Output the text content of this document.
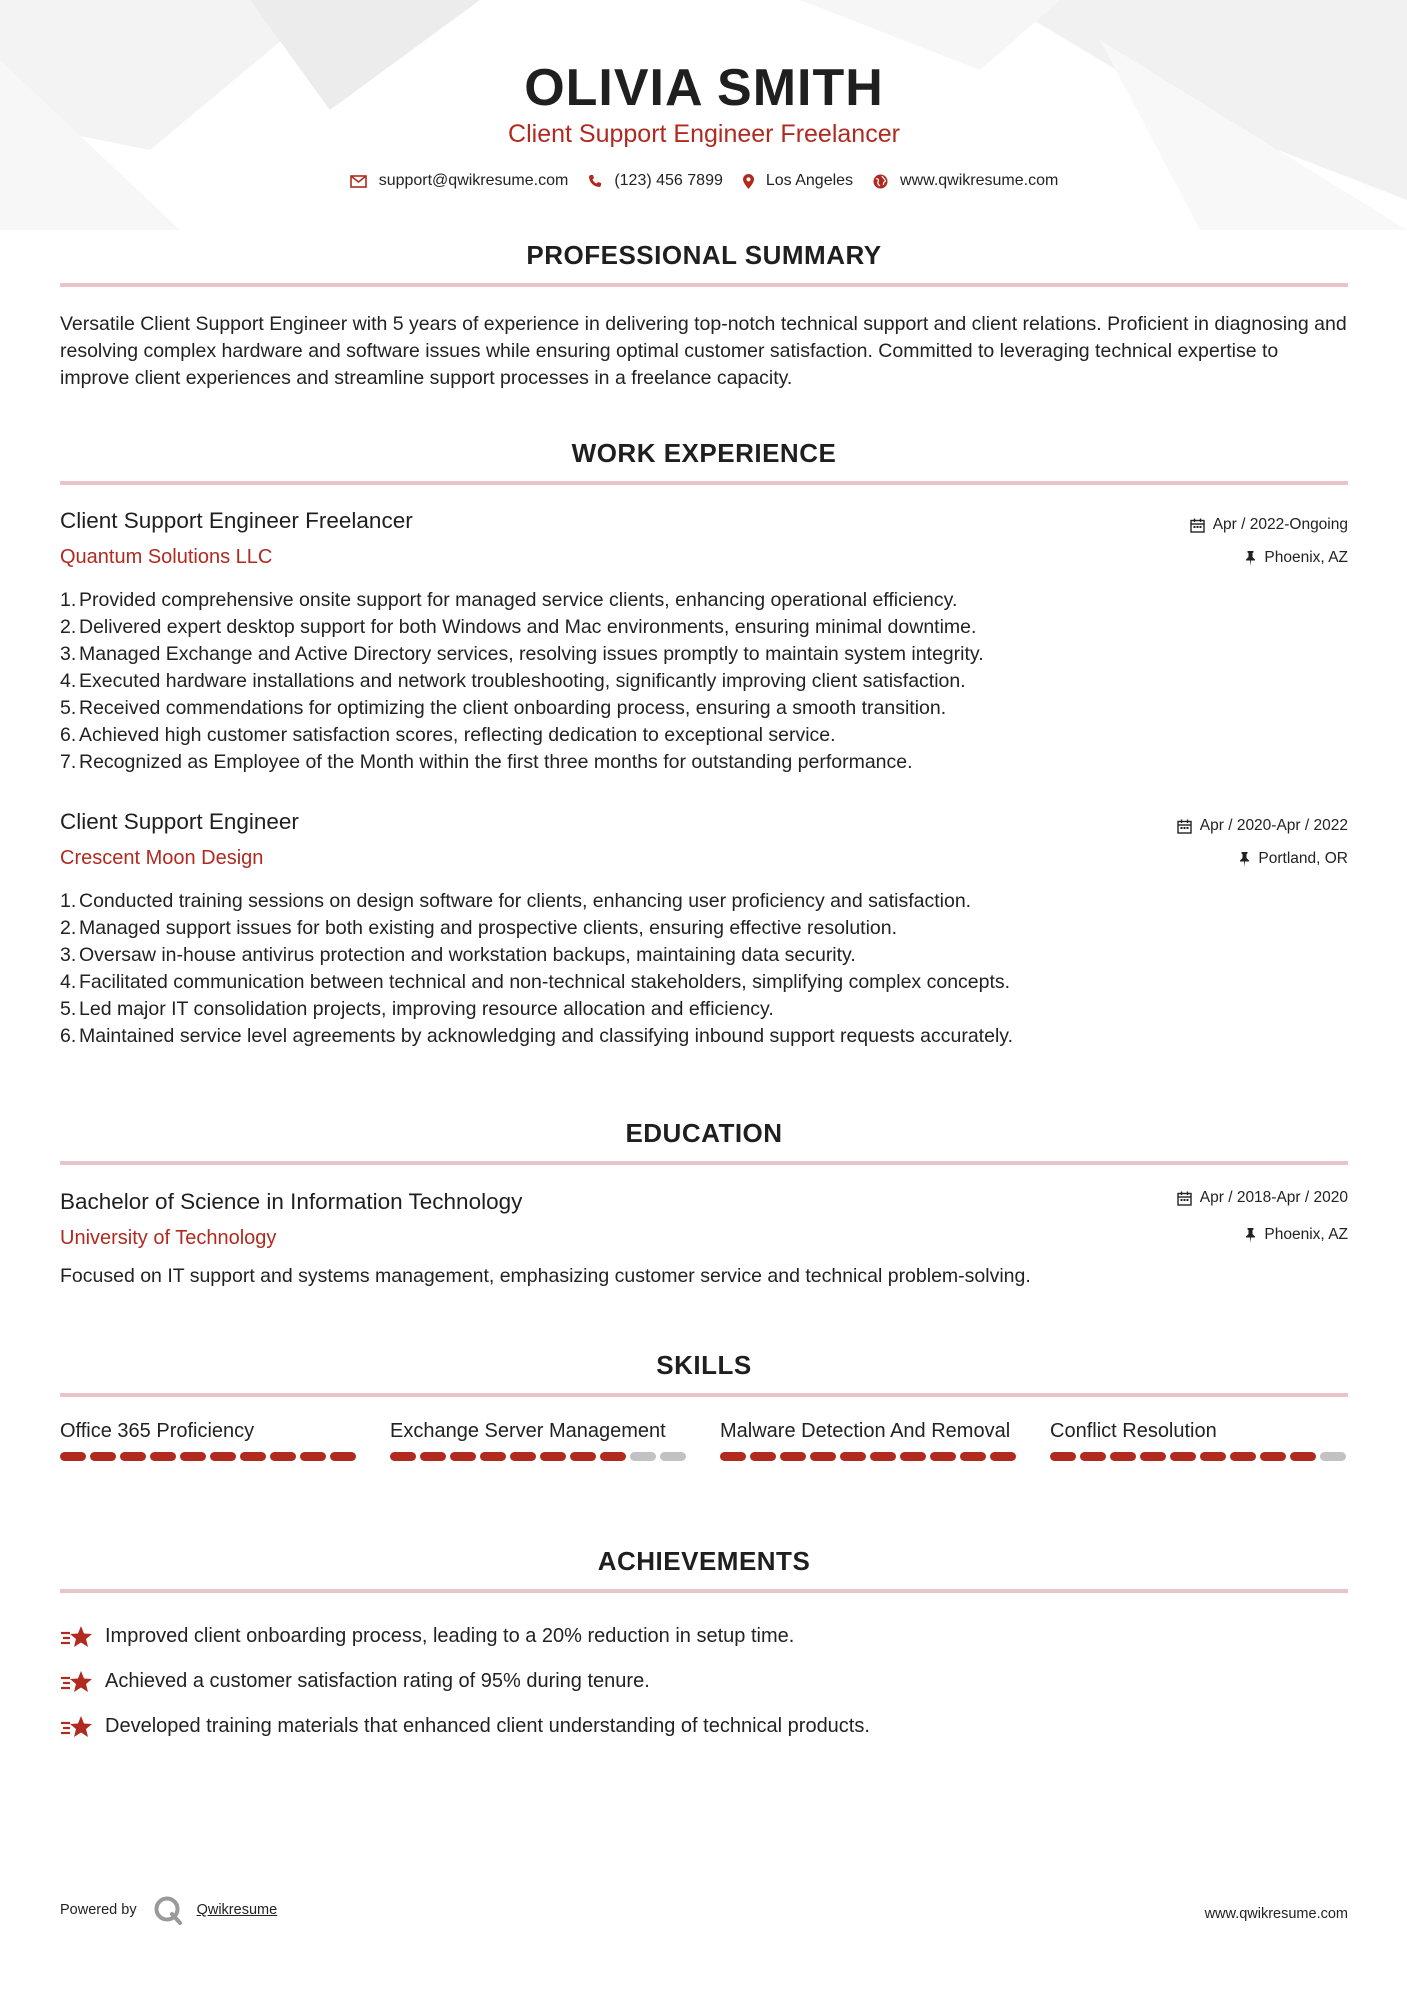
OLIVIA SMITH
Client Support Engineer Freelancer
support@qwikresume.com	(123) 456 7899	Los Angeles	www.qwikresume.com
PROFESSIONAL SUMMARY
Versatile Client Support Engineer with 5 years of experience in delivering top-notch technical support and client relations. Proficient in diagnosing and resolving complex hardware and software issues while ensuring optimal customer satisfaction. Committed to leveraging technical expertise to improve client experiences and streamline support processes in a freelance capacity.
WORK EXPERIENCE
Client Support Engineer Freelancer
Quantum Solutions LLC
Apr / 2022-Ongoing
Phoenix, AZ
1. Provided comprehensive onsite support for managed service clients, enhancing operational efficiency.
2. Delivered expert desktop support for both Windows and Mac environments, ensuring minimal downtime.
3. Managed Exchange and Active Directory services, resolving issues promptly to maintain system integrity.
4. Executed hardware installations and network troubleshooting, significantly improving client satisfaction.
5. Received commendations for optimizing the client onboarding process, ensuring a smooth transition.
6. Achieved high customer satisfaction scores, reflecting dedication to exceptional service.
7. Recognized as Employee of the Month within the first three months for outstanding performance.
Client Support Engineer
Crescent Moon Design
Apr / 2020-Apr / 2022
Portland, OR
1. Conducted training sessions on design software for clients, enhancing user proficiency and satisfaction.
2. Managed support issues for both existing and prospective clients, ensuring effective resolution.
3. Oversaw in-house antivirus protection and workstation backups, maintaining data security.
4. Facilitated communication between technical and non-technical stakeholders, simplifying complex concepts.
5. Led major IT consolidation projects, improving resource allocation and efficiency.
6. Maintained service level agreements by acknowledging and classifying inbound support requests accurately.
EDUCATION
Bachelor of Science in Information Technology
University of Technology
Apr / 2018-Apr / 2020
Phoenix, AZ
Focused on IT support and systems management, emphasizing customer service and technical problem-solving.
SKILLS
Office 365 Proficiency	Exchange Server Management	Malware Detection And Removal	Conflict Resolution
ACHIEVEMENTS
Improved client onboarding process, leading to a 20% reduction in setup time.
Achieved a customer satisfaction rating of 95% during tenure.
Developed training materials that enhanced client understanding of technical products.
Powered by	Qwikresume	www.qwikresume.com
